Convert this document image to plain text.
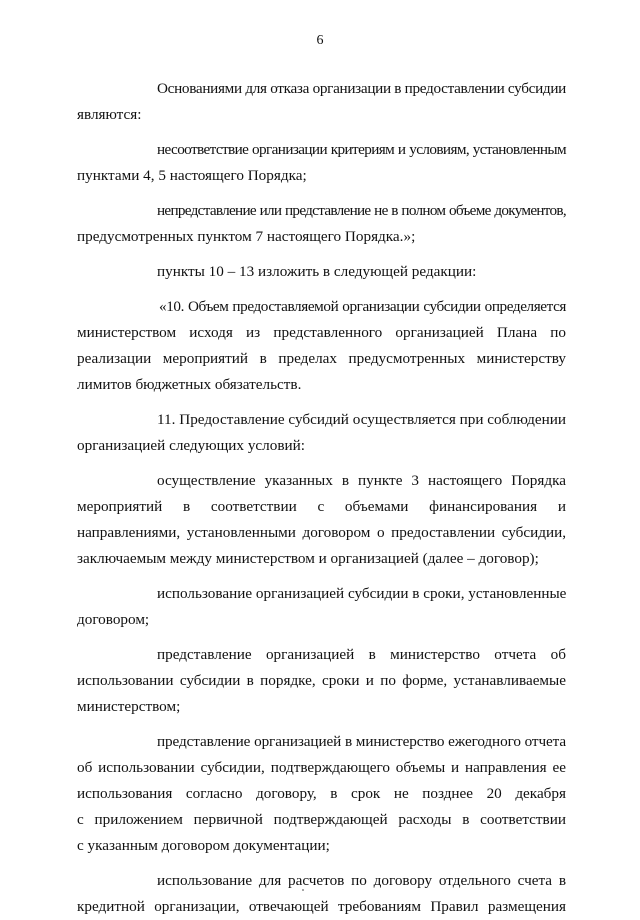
6
Основаниями для отказа организации в предоставлении субсидии
являются:
несоответствие организации критериям и условиям, установленным
пунктами 4, 5 настоящего Порядка;
непредставление или представление не в полном объеме документов,
предусмотренных пунктом 7 настоящего Порядка.»;
пункты 10 – 13 изложить в следующей редакции:
«10. Объем предоставляемой организации субсидии определяется
министерством исходя из представленного организацией Плана по
реализации мероприятий в пределах предусмотренных министерству
лимитов бюджетных обязательств.
11. Предоставление субсидий осуществляется при соблюдении
организацией следующих условий:
осуществление указанных в пункте 3 настоящего Порядка
мероприятий в соответствии с объемами финансирования и
направлениями, установленными договором о предоставлении субсидии,
заключаемым между министерством и организацией (далее – договор);
использование организацией субсидии в сроки, установленные
договором;
представление организацией в министерство отчета об
использовании субсидии в порядке, сроки и по форме, устанавливаемые
министерством;
представление организацией в министерство ежегодного отчета
об использовании субсидии, подтверждающего объемы и направления ее
использования согласно договору, в срок не позднее 20 декабря
с приложением первичной подтверждающей расходы в соответствии
с указанным договором документации;
использование для расчетов по договору отдельного счета в
кредитной организации, отвечающей требованиям Правил размещения
